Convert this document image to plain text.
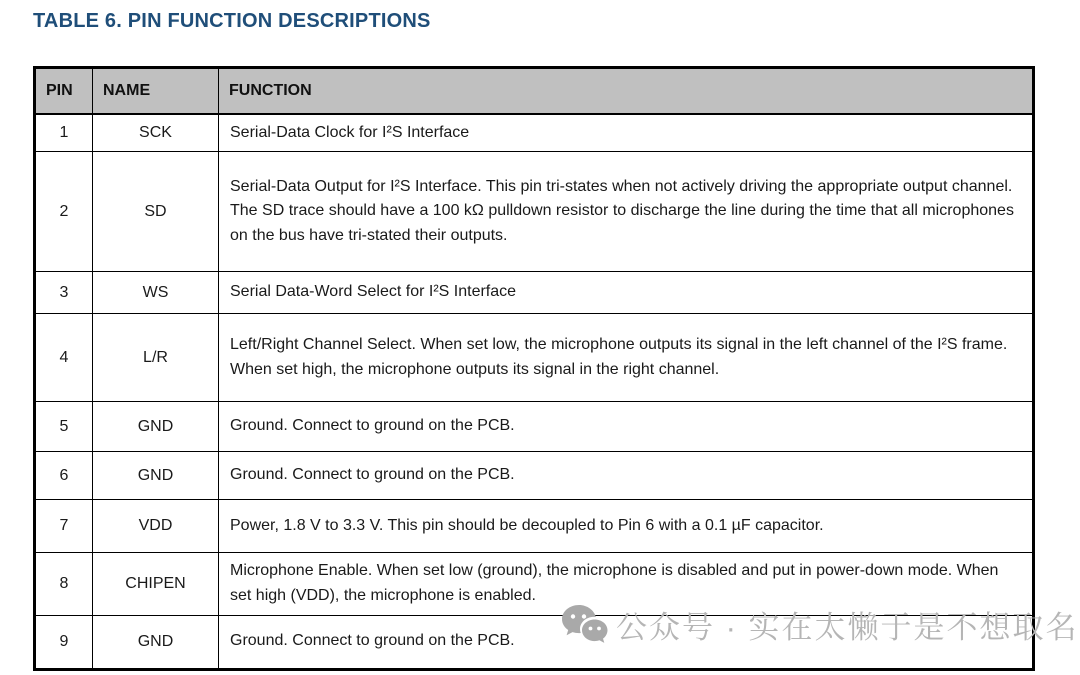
TABLE 6. PIN FUNCTION DESCRIPTIONS
PIN	NAME	FUNCTION
1	SCK	Serial-Data Clock for I²S Interface
2	SD	Serial-Data Output for I²S Interface. This pin tri-states when not actively driving the appropriate output channel. The SD trace should have a 100 kΩ pulldown resistor to discharge the line during the time that all microphones on the bus have tri-stated their outputs.
3	WS	Serial Data-Word Select for I²S Interface
4	L/R	Left/Right Channel Select. When set low, the microphone outputs its signal in the left channel of the I²S frame. When set high, the microphone outputs its signal in the right channel.
5	GND	Ground. Connect to ground on the PCB.
6	GND	Ground. Connect to ground on the PCB.
7	VDD	Power, 1.8 V to 3.3 V. This pin should be decoupled to Pin 6 with a 0.1 µF capacitor.
8	CHIPEN	Microphone Enable. When set low (ground), the microphone is disabled and put in power-down mode. When set high (VDD), the microphone is enabled.
9	GND	Ground. Connect to ground on the PCB.	公众号 · 实在太懒于是不想取名
